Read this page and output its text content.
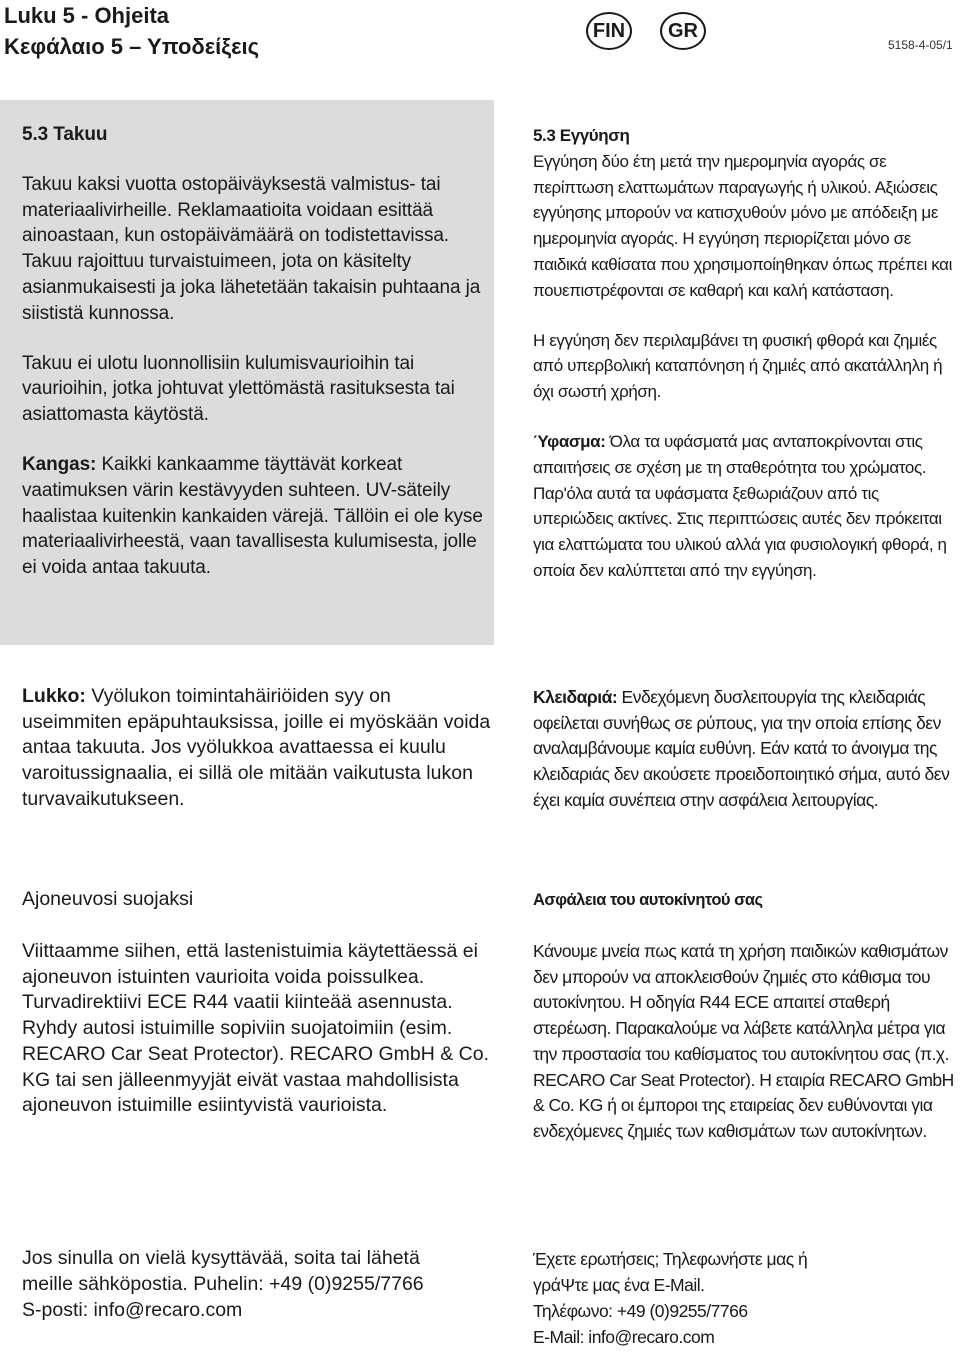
Luku 5 - Ohjeita
Κεφάλαιο 5 – Υποδείξεις
FIN	GR
5158-4-05/1

5.3 Takuu

Takuu kaksi vuotta ostopäiväyksestä valmistus- tai materiaalivirheille. Reklamaatioita voidaan esittää ainoastaan, kun ostopäivämäärä on todistettavissa. Takuu rajoittuu turvaistuimeen, jota on käsitelty asianmukaisesti ja joka lähetetään takaisin puhtaana ja siististä kunnossa.

Takuu ei ulotu luonnollisiin kulumisvaurioihin tai vaurioihin, jotka johtuvat ylettömästä rasituksesta tai asiattomasta käytöstä.

Kangas: Kaikki kankaamme täyttävät korkeat vaatimuksen värin kestävyyden suhteen. UV-säteily haalistaa kuitenkin kankaiden värejä. Tällöin ei ole kyse materiaalivirheestä, vaan tavallisesta kulumisesta, jolle ei voida antaa takuuta.

5.3 Εγγύηση

Εγγύηση δύο έτη μετά την ημερομηνία αγοράς σε περίπτωση ελαττωμάτων παραγωγής ή υλικού. Αξιώσεις εγγύησης μπορούν να κατισχυθούν μόνο με απόδειξη με ημερομηνία αγοράς. Η εγγύηση περιορίζεται μόνο σε παιδικά καθίσατα που χρησιμοποίηθηκαν όπως πρέπει και πουεπιστρέφονται σε καθαρή και καλή κατάσταση.

Η εγγύηση δεν περιλαμβάνει τη φυσική φθορά και ζημιές από υπερβολική καταπόνηση ή ζημιές από ακατάλληλη ή όχι σωστή χρήση.

Ύφασμα: Όλα τα υφάσματά μας ανταποκρίνονται στις απαιτήσεις σε σχέση με τη σταθερότητα του χρώματος. Παρ'όλα αυτά τα υφάσματα ξεθωριάζουν από τις υπεριώδεις ακτίνες. Στις περιπτώσεις αυτές δεν πρόκειται για ελαττώματα του υλικού αλλά για φυσιολογική φθορά, η οποία δεν καλύπτεται από την εγγύηση.

Lukko: Vyölukon toimintahäiriöiden syy on useimmiten epäpuhtauksissa, joille ei myöskään voida antaa takuuta. Jos vyölukkoa avattaessa ei kuulu varoitussignaalia, ei sillä ole mitään vaikutusta lukon turvavaikutukseen.

Κλειδαριά: Ενδεχόμενη δυσλειτουργία της κλειδαριάς οφείλεται συνήθως σε ρύπους, για την οποία επίσης δεν αναλαμβάνουμε καμία ευθύνη. Εάν κατά το άνοιγμα της κλειδαριάς δεν ακούσετε προειδοποιητικό σήμα, αυτό δεν έχει καμία συνέπεια στην ασφάλεια λειτουργίας.

Ajoneuvosi suojaksi	Ασφάλεια του αυτοκίνητού σας

Viittaamme siihen, että lastenistuimia käytettäessä ei ajoneuvon istuinten vaurioita voida poissulkea. Turvadirektiivi ECE R44 vaatii kiinteää asennusta. Ryhdy autosi istuimille sopiviin suojatoimiin (esim. RECARO Car Seat Protector). RECARO GmbH & Co. KG tai sen jälleenmyyjät eivät vastaa mahdollisista ajoneuvon istuimille esiintyvistä vaurioista.

Κάνουμε μνεία πως κατά τη χρήση παιδικών καθισμάτων δεν μπορούν να αποκλεισθούν ζημιές στο κάθισμα του αυτοκίνητου. Η οδηγία R44 ECE απαιτεί σταθερή στερέωση. Παρακαλούμε να λάβετε κατάλληλα μέτρα για την προστασία του καθίσματος του αυτοκίνητου σας (π.χ. RECARO Car Seat Protector). Η εταιρία RECARO GmbH & Co. KG ή οι έμποροι της εταιρείας δεν ευθύνονται για ενδεχόμενες ζημιές των καθισμάτων των αυτοκίνητων.

Jos sinulla on vielä kysyttävää, soita tai lähetä
meille sähköpostia. Puhelin: +49 (0)9255/7766
S-posti: info@recaro.com
Έχετε ερωτήσεις; Τηλεφωνήστε μας ή
γράΨτε μας ένα E-Mail.
Τηλέφωνο: +49 (0)9255/7766
E-Mail: info@recaro.com
